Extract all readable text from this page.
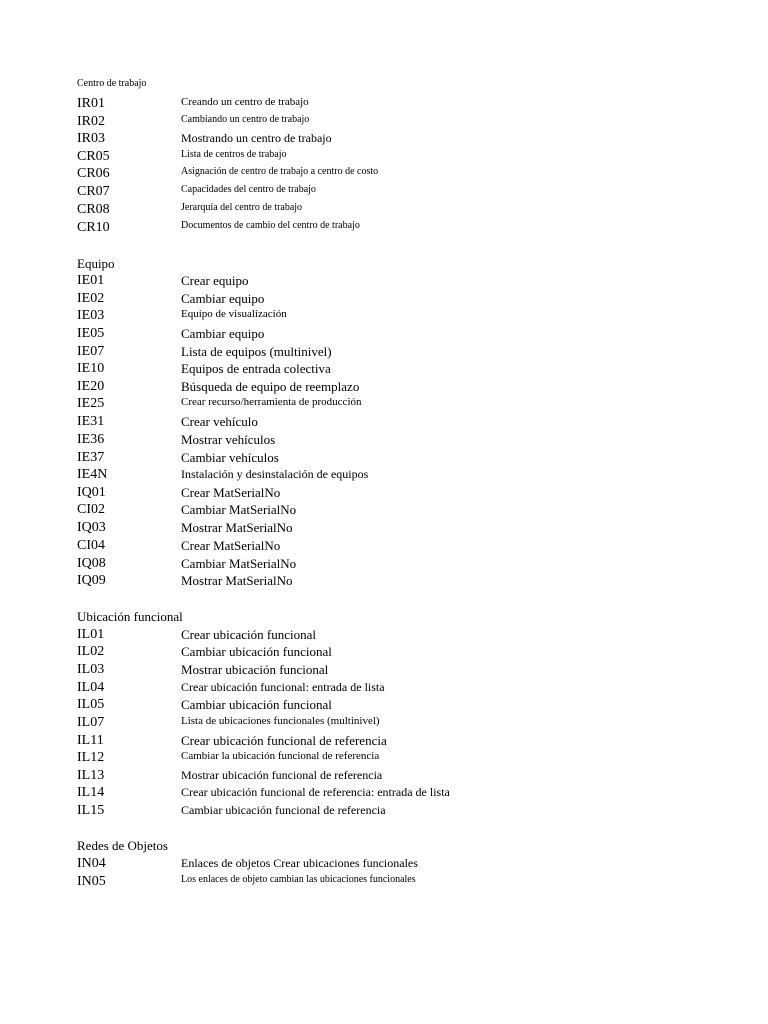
Centro de trabajo
IR01	Creando un centro de trabajo
IR02	Cambiando un centro de trabajo
IR03	Mostrando un centro de trabajo
CR05	Lista de centros de trabajo
CR06	Asignación de centro de trabajo a centro de costo
CR07	Capacidades del centro de trabajo
CR08	Jerarquía del centro de trabajo
CR10	Documentos de cambio del centro de trabajo
Equipo
IE01	Crear equipo
IE02	Cambiar equipo
IE03	Equipo de visualización
IE05	Cambiar equipo
IE07	Lista de equipos (multinivel)
IE10	Equipos de entrada colectiva
IE20	Búsqueda de equipo de reemplazo
IE25	Crear recurso/herramienta de producción
IE31	Crear vehículo
IE36	Mostrar vehículos
IE37	Cambiar vehículos
IE4N	Instalación y desinstalación de equipos
IQ01	Crear MatSerialNo
CI02	Cambiar MatSerialNo
IQ03	Mostrar MatSerialNo
CI04	Crear MatSerialNo
IQ08	Cambiar MatSerialNo
IQ09	Mostrar MatSerialNo
Ubicación funcional
IL01	Crear ubicación funcional
IL02	Cambiar ubicación funcional
IL03	Mostrar ubicación funcional
IL04	Crear ubicación funcional: entrada de lista
IL05	Cambiar ubicación funcional
IL07	Lista de ubicaciones funcionales (multinivel)
IL11	Crear ubicación funcional de referencia
IL12	Cambiar la ubicación funcional de referencia
IL13	Mostrar ubicación funcional de referencia
IL14	Crear ubicación funcional de referencia: entrada de lista
IL15	Cambiar ubicación funcional de referencia
Redes de Objetos
IN04	Enlaces de objetos Crear ubicaciones funcionales
IN05	Los enlaces de objeto cambian las ubicaciones funcionales
